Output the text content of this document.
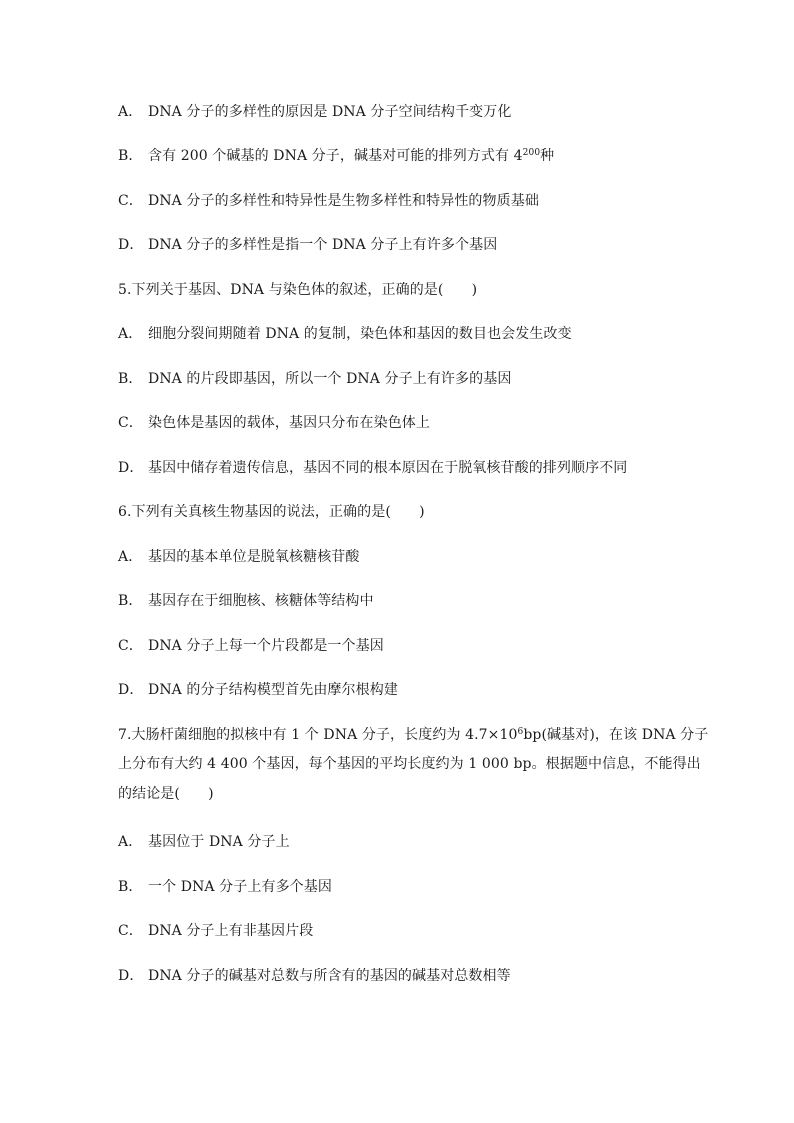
A． DNA 分子的多样性的原因是 DNA 分子空间结构千变万化
B． 含有 200 个碱基的 DNA 分子，碱基对可能的排列方式有 $4^{200}$种
C． DNA 分子的多样性和特异性是生物多样性和特异性的物质基础
D． DNA 分子的多样性是指一个 DNA 分子上有许多个基因
5.下列关于基因、DNA 与染色体的叙述，正确的是(　　)
A． 细胞分裂间期随着 DNA 的复制，染色体和基因的数目也会发生改变
B． DNA 的片段即基因，所以一个 DNA 分子上有许多的基因
C． 染色体是基因的载体，基因只分布在染色体上
D． 基因中储存着遗传信息，基因不同的根本原因在于脱氧核苷酸的排列顺序不同
6.下列有关真核生物基因的说法，正确的是(　　)
A． 基因的基本单位是脱氧核糖核苷酸
B． 基因存在于细胞核、核糖体等结构中
C． DNA 分子上每一个片段都是一个基因
D． DNA 的分子结构模型首先由摩尔根构建
7.大肠杆菌细胞的拟核中有 1 个 DNA 分子，长度约为 $4.7\times 10^6bp$(碱基对)，在该 DNA 分子
上分布有大约 4 400 个基因，每个基因的平均长度约为 1 000 bp。根据题中信息，不能得出
的结论是(　　)
A． 基因位于 DNA 分子上
B． 一个 DNA 分子上有多个基因
C． DNA 分子上有非基因片段
D． DNA 分子的碱基对总数与所含有的基因的碱基对总数相等
